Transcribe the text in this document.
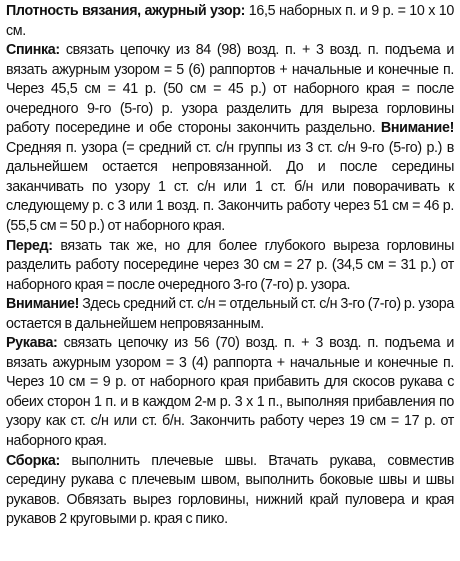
Плотность вязания, ажурный узор: 16,5 наборных п. и 9 р. = 10 х 10 см.

Спинка: связать цепочку из 84 (98) возд. п. + 3 возд. п. подъема и вязать ажурным узором = 5 (6) раппортов + начальные и конечные п. Через 45,5 см = 41 р. (50 см = 45 р.) от наборного края = после очередного 9-го (5-го) р. узора разделить для выреза горловины работу посередине и обе стороны закончить раздельно. Внимание! Средняя п. узора (= средний ст. с/н группы из 3 ст. с/н 9-го (5-го) р.) в дальнейшем остается непровязанной. До и после середины заканчивать по узору 1 ст. с/н или 1 ст. б/н или поворачивать к следующему р. с 3 или 1 возд. п. Закончить работу через 51 см = 46 р. (55,5 см = 50 р.) от наборного края.

Перед: вязать так же, но для более глубокого выреза горловины разделить работу посередине через 30 см = 27 р. (34,5 см = 31 р.) от наборного края = после очередного 3-го (7-го) р. узора.

Внимание! Здесь средний ст. с/н = отдельный ст. с/н 3-го (7-го) р. узора остается в дальнейшем непровязанным.

Рукава: связать цепочку из 56 (70) возд. п. + 3 возд. п. подъема и вязать ажурным узором = 3 (4) раппорта + начальные и конечные п. Через 10 см = 9 р. от наборного края прибавить для скосов рукава с обеих сторон 1 п. и в каждом 2-м р. 3 х 1 п., выполняя прибавления по узору как ст. с/н или ст. б/н. Закончить работу через 19 см = 17 р. от наборного края.

Сборка: выполнить плечевые швы. Втачать рукава, совместив середину рукава с плечевым швом, выполнить боковые швы и швы рукавов. Обвязать вырез горловины, нижний край пуловера и края рукавов 2 круговыми р. края с пико.
